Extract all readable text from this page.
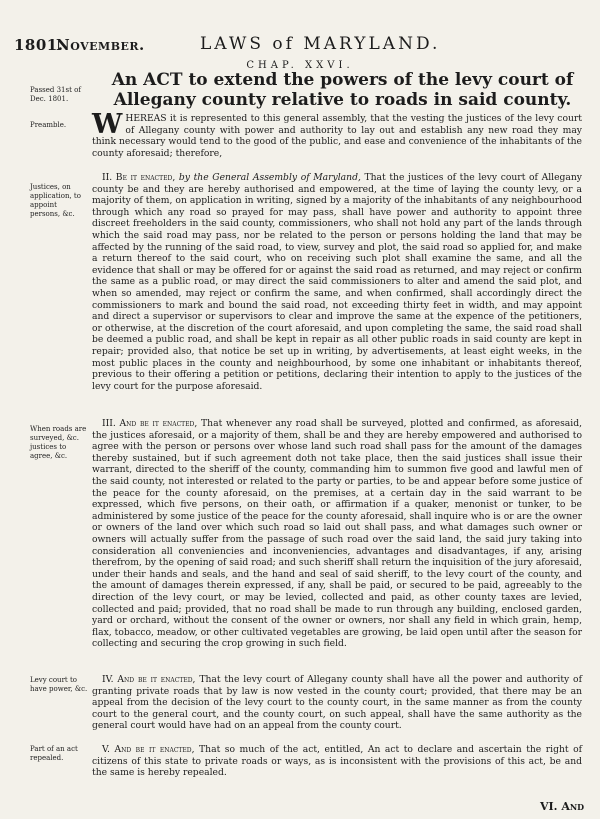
1801.
November.	LAWS of MARYLAND.
CHAP. XXVI.
An ACT to extend the powers of the levy court of Allegany county relative to roads in said county.
Passed 31st of Dec. 1801.
Preamble.
Justices, on application, to appoint persons, &c.
When roads are surveyed, &c. justices to agree, &c.
Levy court to have power, &c.
Part of an act repealed.
WHEREAS it is represented to this general assembly, that the vesting the justices of the levy court of Allegany county with power and authority to lay out and establish any new road they may think necessary would tend to the good of the public, and ease and convenience of the inhabitants of the county aforesaid; therefore,
II. Be it enacted, by the General Assembly of Maryland, That the justices of the levy court of Allegany county be and they are hereby authorised and empowered, at the time of laying the county levy, or a majority of them, on application in writing, signed by a majority of the inhabitants of any neighbourhood through which any road so prayed for may pass, shall have power and authority to appoint three discreet freeholders in the said county, commissioners, who shall not hold any part of the lands through which the said road may pass, nor be related to the person or persons holding the land that may be affected by the running of the said road, to view, survey and plot, the said road so applied for, and make a return thereof to the said court, who on receiving such plot shall examine the same, and all the evidence that shall or may be offered for or against the said road as returned, and may reject or confirm the same as a public road, or may direct the said commissioners to alter and amend the said plot, and when so amended, may reject or confirm the same, and when confirmed, shall accordingly direct the commissioners to mark and bound the said road, not exceeding thirty feet in width, and may appoint and direct a supervisor or supervisors to clear and improve the same at the expence of the petitioners, or otherwise, at the discretion of the court aforesaid, and upon completing the same, the said road shall be deemed a public road, and shall be kept in repair as all other public roads in said county are kept in repair; provided also, that notice be set up in writing, by advertisements, at least eight weeks, in the most public places in the county and neighbourhood, by some one inhabitant or inhabitants thereof, previous to their offering a petition or petitions, declaring their intention to apply to the justices of the levy court for the purpose aforesaid.
III. And be it enacted, That whenever any road shall be surveyed, plotted and confirmed, as aforesaid, the justices aforesaid, or a majority of them, shall be and they are hereby empowered and authorised to agree with the person or persons over whose land such road shall pass for the amount of the damages thereby sustained, but if such agreement doth not take place, then the said justices shall issue their warrant, directed to the sheriff of the county, commanding him to summon five good and lawful men of the said county, not interested or related to the party or parties, to be and appear before some justice of the peace for the county aforesaid, on the premises, at a certain day in the said warrant to be expressed, which five persons, on their oath, or affirmation if a quaker, menonist or tunker, to be administered by some justice of the peace for the county aforesaid, shall inquire who is or are the owner or owners of the land over which such road so laid out shall pass, and what damages such owner or owners will actually suffer from the passage of such road over the said land, the said jury taking into consideration all conveniencies and inconveniencies, advantages and disadvantages, if any, arising therefrom, by the opening of said road; and such sheriff shall return the inquisition of the jury aforesaid, under their hands and seals, and the hand and seal of said sheriff, to the levy court of the county, and the amount of damages therein expressed, if any, shall be paid, or secured to be paid, agreeably to the direction of the levy court, or may be levied, collected and paid, as other county taxes are levied, collected and paid; provided, that no road shall be made to run through any building, enclosed garden, yard or orchard, without the consent of the owner or owners, nor shall any field in which grain, hemp, flax, tobacco, meadow, or other cultivated vegetables are growing, be laid open until after the season for collecting and securing the crop growing in such field.
IV. And be it enacted, That the levy court of Allegany county shall have all the power and authority of granting private roads that by law is now vested in the county court; provided, that there may be an appeal from the decision of the levy court to the county court, in the same manner as from the county court to the general court, and the county court, on such appeal, shall have the same authority as the general court would have had on an appeal from the county court.
V. And be it enacted, That so much of the act, entitled, An act to declare and ascertain the right of citizens of this state to private roads or ways, as is inconsistent with the provisions of this act, be and the same is hereby repealed.
VI. And
